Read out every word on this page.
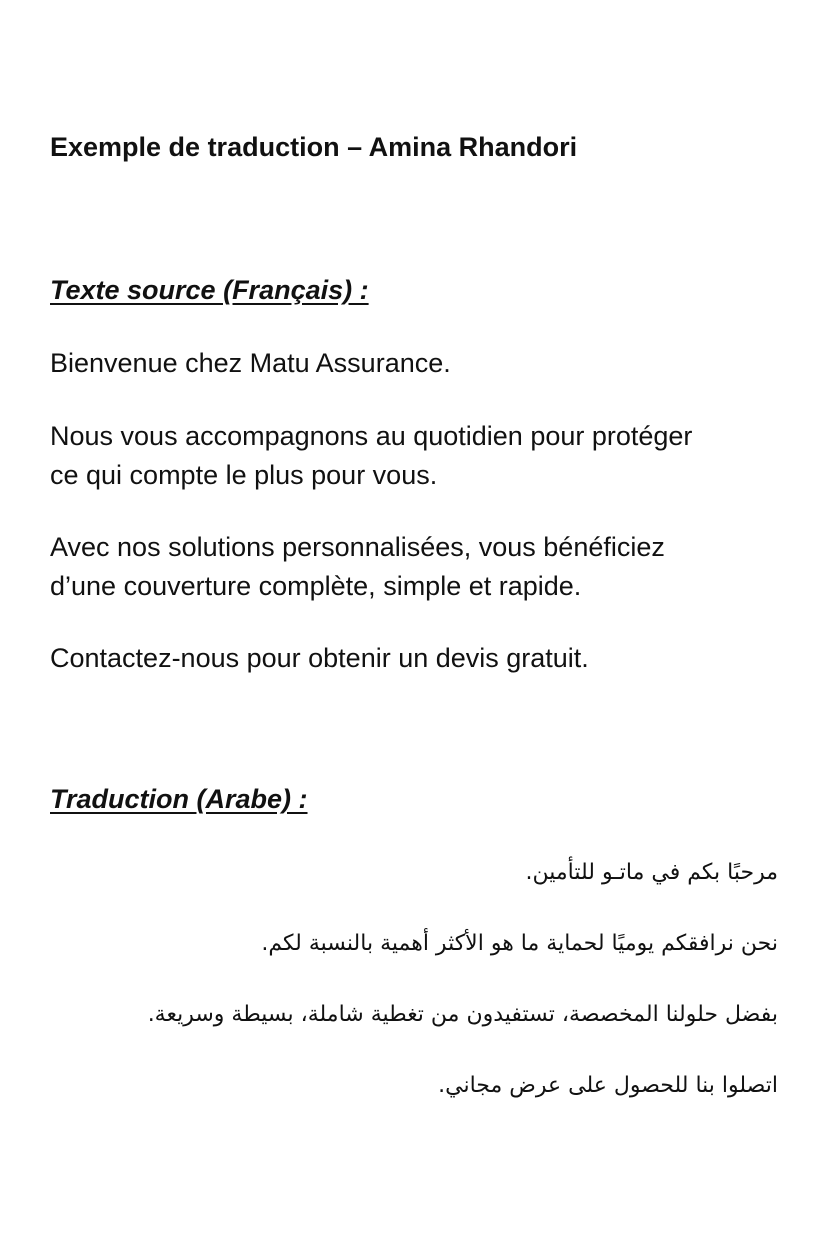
Exemple de traduction – Amina Rhandori
Texte source (Français) :

Bienvenue chez Matu Assurance.

Nous vous accompagnons au quotidien pour protéger
ce qui compte le plus pour vous.

Avec nos solutions personnalisées, vous bénéficiez
d’une couverture complète, simple et rapide.

Contactez-nous pour obtenir un devis gratuit.

Traduction (Arabe) :

مرحبًا بكم في ماتـو للتأمين.

نحن نرافقكم يوميًا لحماية ما هو الأكثر أهمية بالنسبة لكم.

بفضل حلولنا المخصصة، تستفيدون من تغطية شاملة، بسيطة وسريعة.

اتصلوا بنا للحصول على عرض مجاني.
